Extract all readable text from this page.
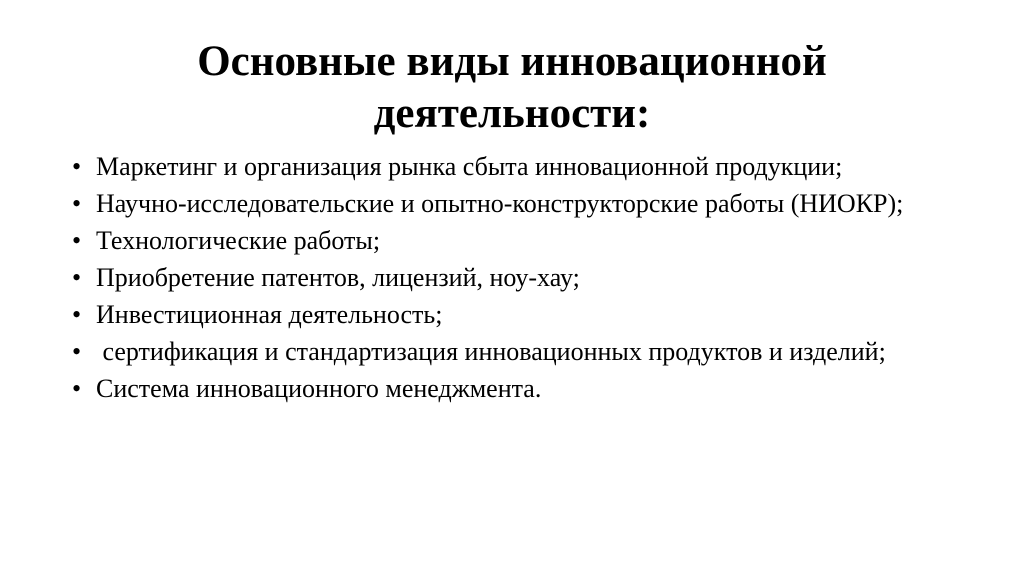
Основные виды инновационной
деятельности:
• Маркетинг и организация рынка сбыта инновационной продукции;
• Научно-исследовательские и опытно-конструкторские работы (НИОКР);
• Технологические работы;
• Приобретение патентов, лицензий, ноу-хау;
• Инвестиционная деятельность;
• сертификация и стандартизация инновационных продуктов и изделий;
• Система инновационного менеджмента.
